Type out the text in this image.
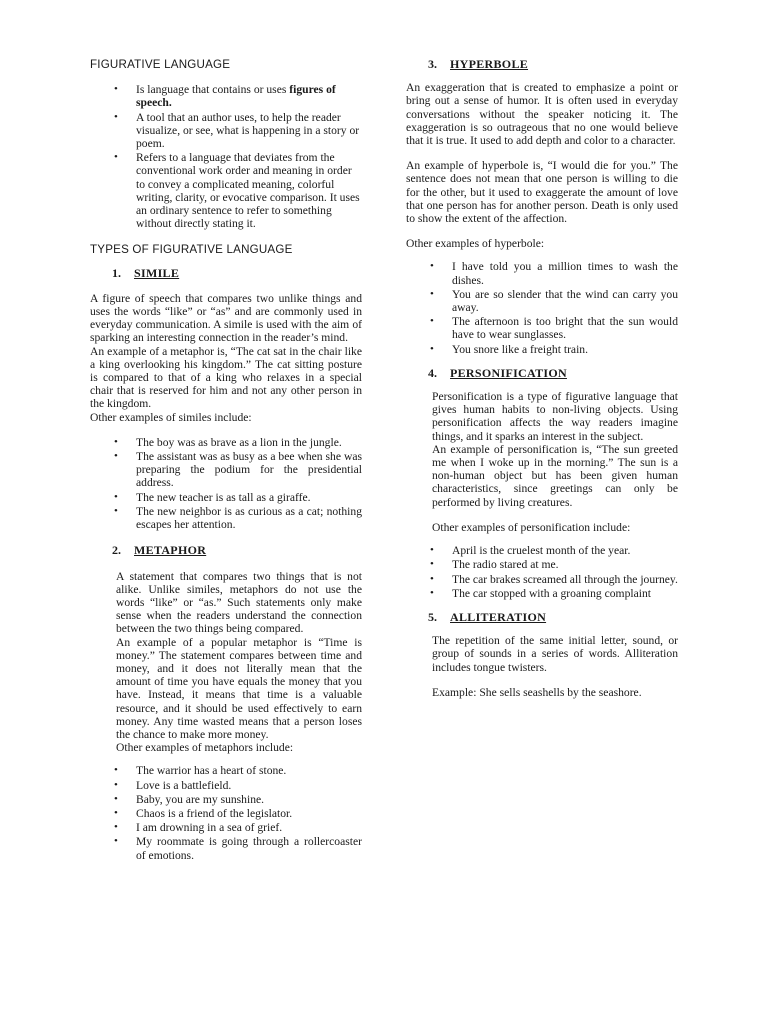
FIGURATIVE LANGUAGE

• Is language that contains or uses figures of speech.
• A tool that an author uses, to help the reader visualize, or see, what is happening in a story or poem.
• Refers to a language that deviates from the conventional work order and meaning in order to convey a complicated meaning, colorful writing, clarity, or evocative comparison. It uses an ordinary sentence to refer to something without directly stating it.

TYPES OF FIGURATIVE LANGUAGE

1.	SIMILE

A figure of speech that compares two unlike things and uses the words “like” or “as” and are commonly used in everyday communication. A simile is used with the aim of sparking an interesting connection in the reader’s mind.

An example of a metaphor is, “The cat sat in the chair like a king overlooking his kingdom.” The cat sitting posture is compared to that of a king who relaxes in a special chair that is reserved for him and not any other person in the kingdom.

Other examples of similes include:

• The boy was as brave as a lion in the jungle.
• The assistant was as busy as a bee when she was preparing the podium for the presidential address.
• The new teacher is as tall as a giraffe.
• The new neighbor is as curious as a cat; nothing escapes her attention.

2.	METAPHOR

A statement that compares two things that is not alike. Unlike similes, metaphors do not use the words “like” or “as.” Such statements only make sense when the readers understand the connection between the two things being compared.

An example of a popular metaphor is “Time is money.” The statement compares between time and money, and it does not literally mean that the amount of time you have equals the money that you have. Instead, it means that time is a valuable resource, and it should be used effectively to earn money. Any time wasted means that a person loses the chance to make more money.

Other examples of metaphors include:

• The warrior has a heart of stone.
• Love is a battlefield.
• Baby, you are my sunshine.
• Chaos is a friend of the legislator.
• I am drowning in a sea of grief.
• My roommate is going through a rollercoaster of emotions.

3.	HYPERBOLE

An exaggeration that is created to emphasize a point or bring out a sense of humor. It is often used in everyday conversations without the speaker noticing it. The exaggeration is so outrageous that no one would believe that it is true. It used to add depth and color to a character.

An example of hyperbole is, “I would die for you.” The sentence does not mean that one person is willing to die for the other, but it used to exaggerate the amount of love that one person has for another person. Death is only used to show the extent of the affection.

Other examples of hyperbole:

• I have told you a million times to wash the dishes.
• You are so slender that the wind can carry you away.
• The afternoon is too bright that the sun would have to wear sunglasses.
• You snore like a freight train.

4.	PERSONIFICATION

Personification is a type of figurative language that gives human habits to non-living objects. Using personification affects the way readers imagine things, and it sparks an interest in the subject.

An example of personification is, “The sun greeted me when I woke up in the morning.” The sun is a non-human object but has been given human characteristics, since greetings can only be performed by living creatures.

Other examples of personification include:

• April is the cruelest month of the year.
• The radio stared at me.
• The car brakes screamed all through the journey.
• The car stopped with a groaning complaint

5.	ALLITERATION

The repetition of the same initial letter, sound, or group of sounds in a series of words. Alliteration includes tongue twisters.

Example: She sells seashells by the seashore.
